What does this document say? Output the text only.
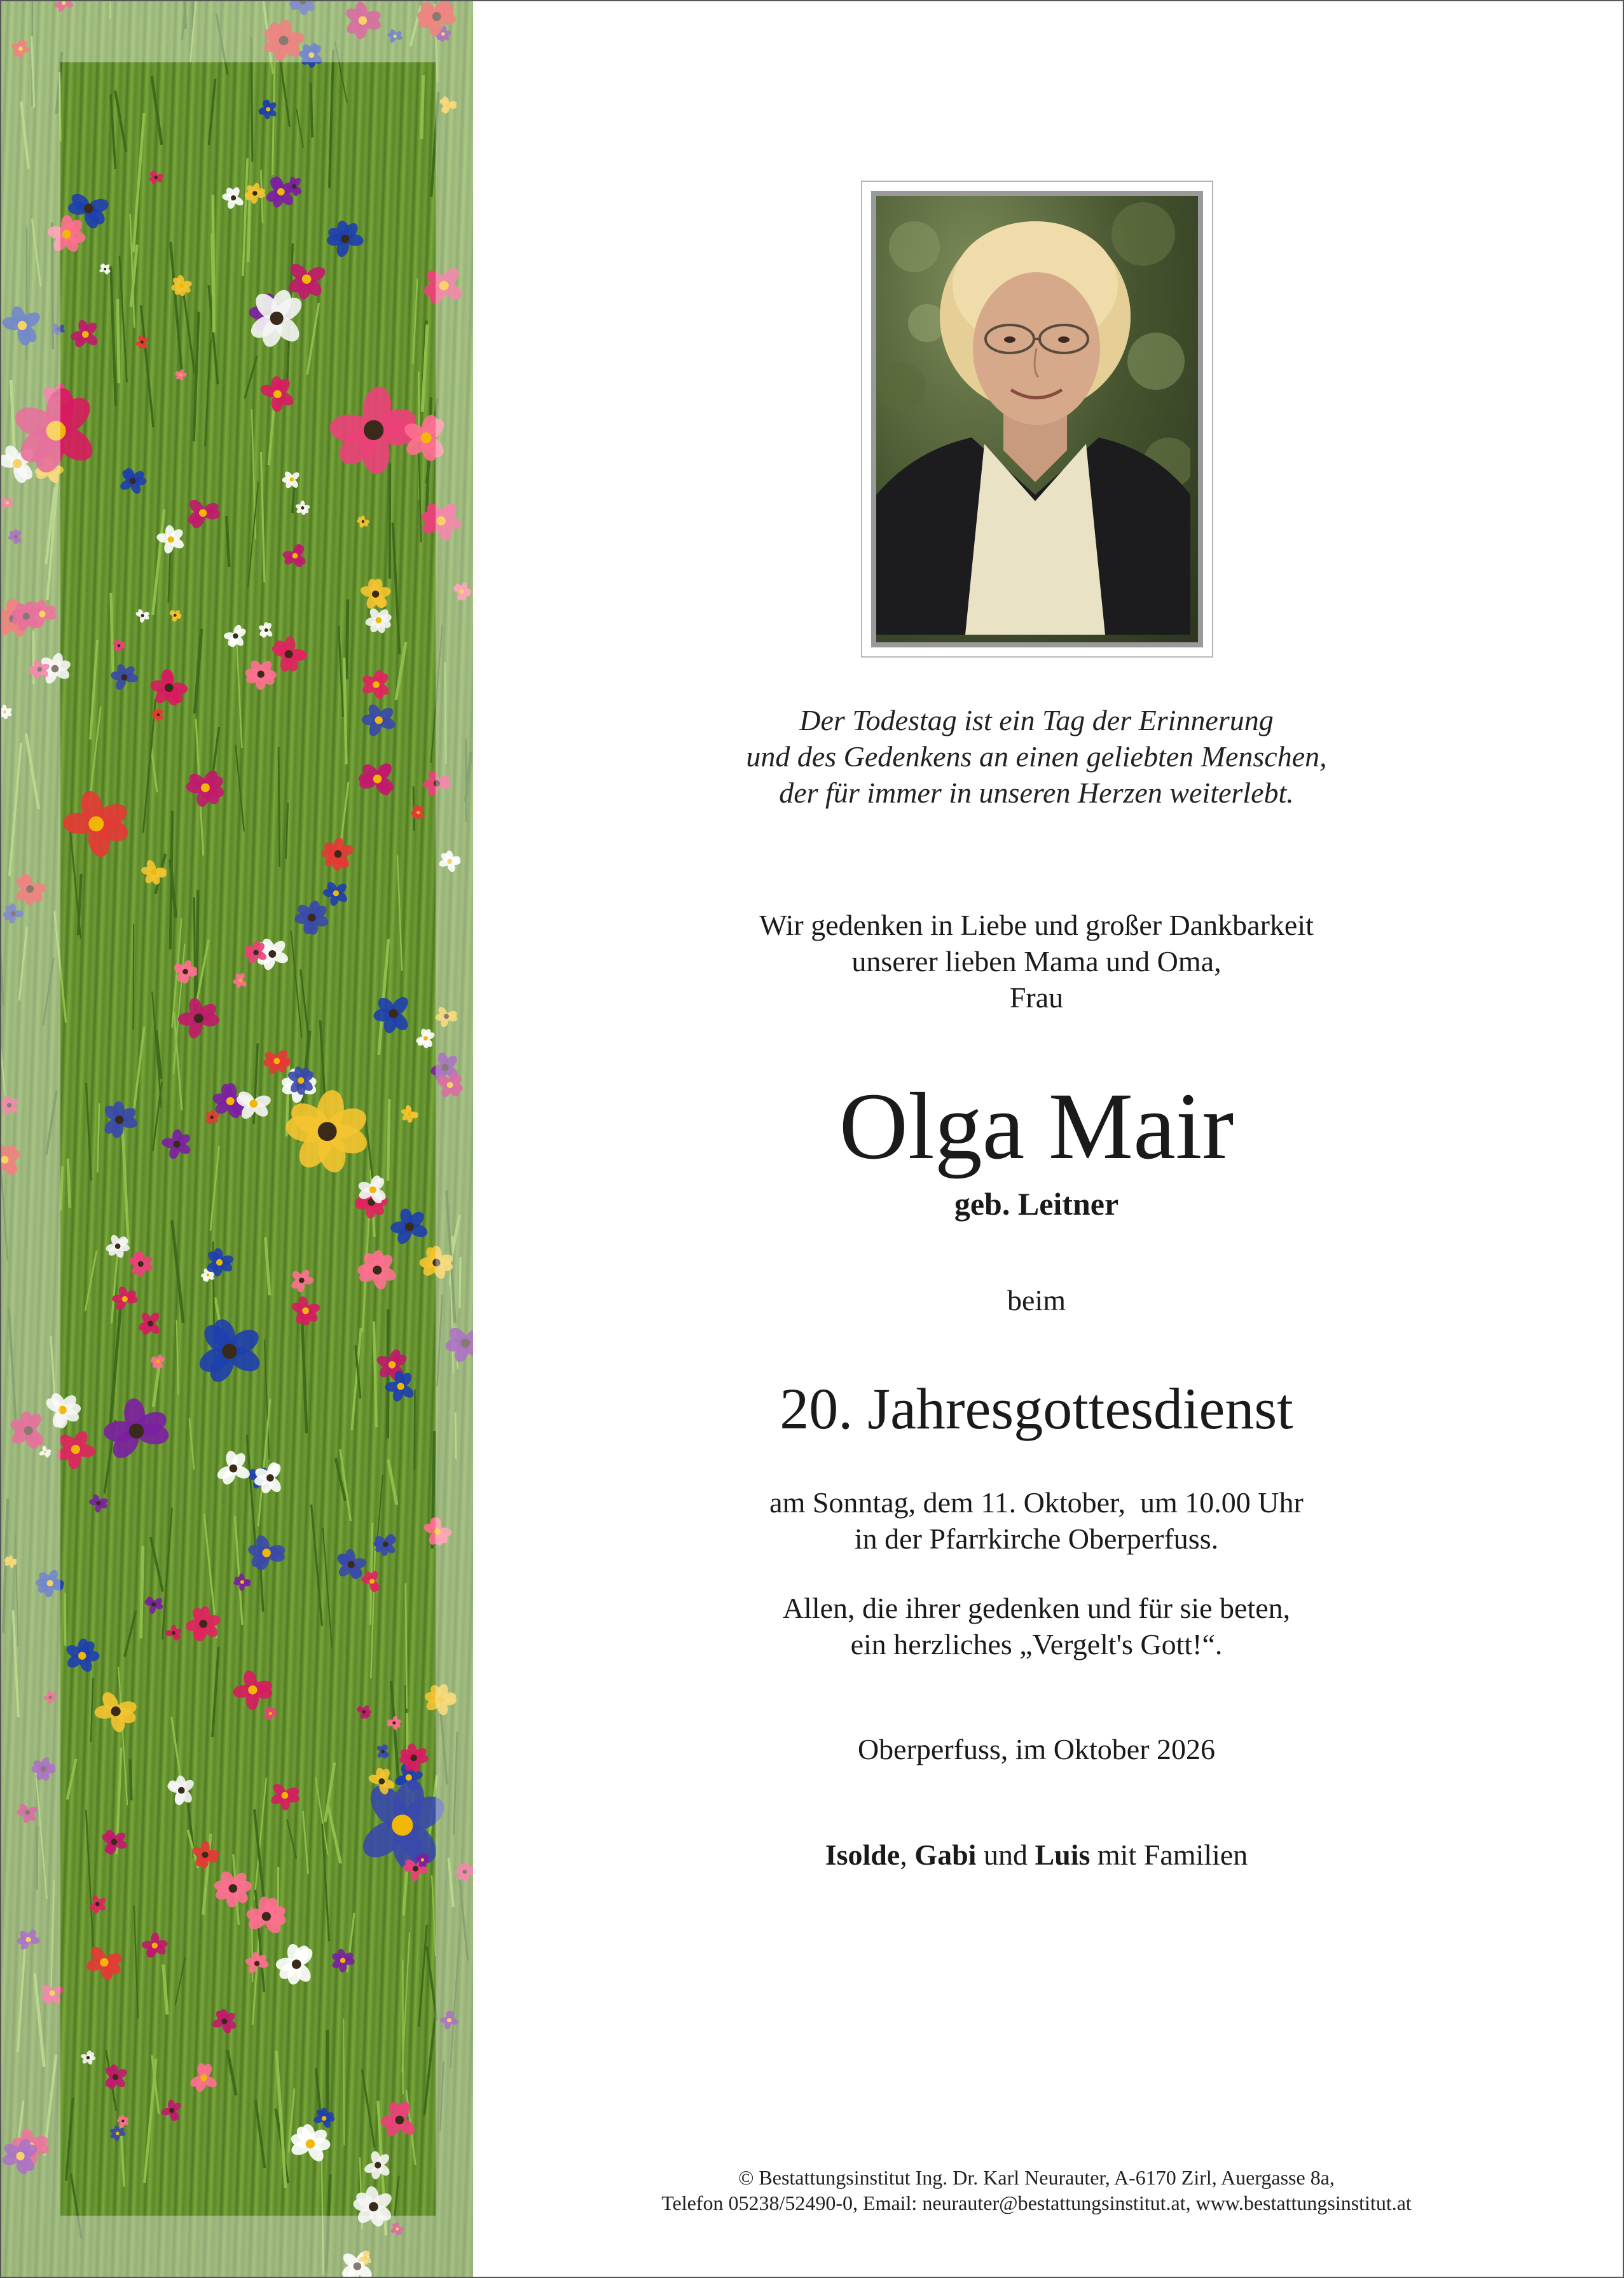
Der Todestag ist ein Tag der Erinnerung
und des Gedenkens an einen geliebten Menschen,
der für immer in unseren Herzen weiterlebt.
Wir gedenken in Liebe und großer Dankbarkeit
unserer lieben Mama und Oma,
Frau
Olga Mair
geb. Leitner
beim
20. Jahresgottesdienst
am Sonntag, dem 11. Oktober,  um 10.00 Uhr
in der Pfarrkirche Oberperfuss.
Allen, die ihrer gedenken und für sie beten,
ein herzliches „Vergelt's Gott!“.
Oberperfuss, im Oktober 2026
Isolde, Gabi und Luis mit Familien
© Bestattungsinstitut Ing. Dr. Karl Neurauter, A-6170 Zirl, Auergasse 8a,
Telefon 05238/52490-0, Email: neurauter@bestattungsinstitut.at, www.bestattungsinstitut.at
